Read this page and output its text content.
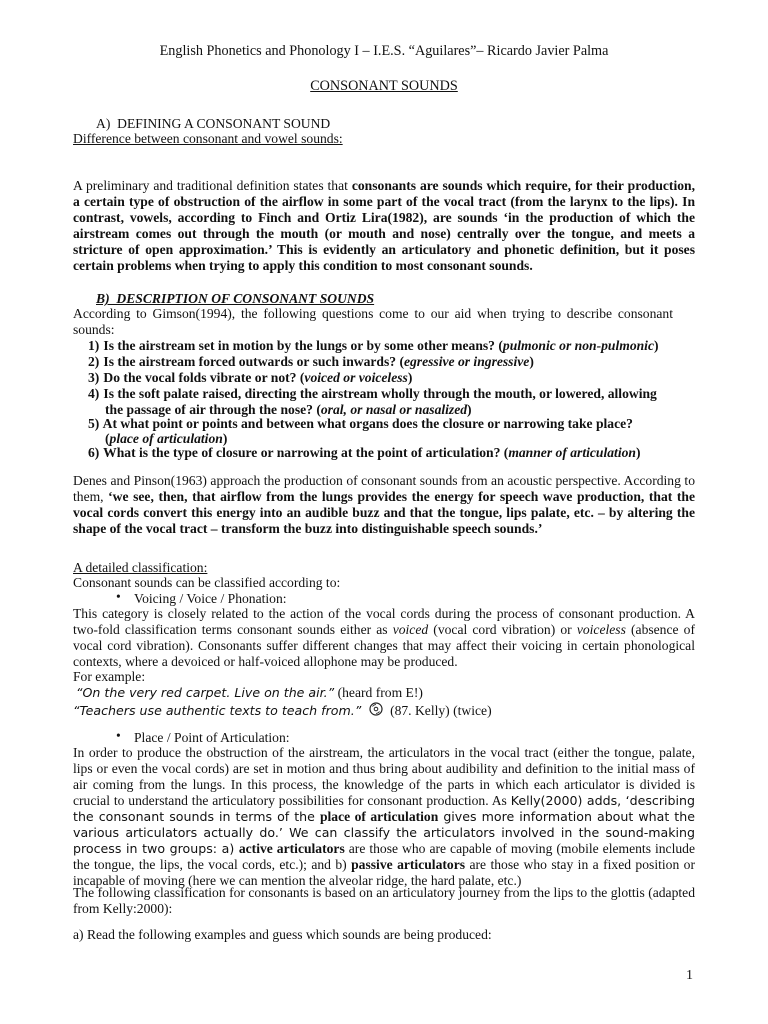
English Phonetics and Phonology I – I.E.S. “Aguilares”– Ricardo Javier Palma
CONSONANT SOUNDS
A)  DEFINING A CONSONANT SOUND
Difference between consonant and vowel sounds:
A preliminary and traditional definition states that consonants are sounds which require, for their production, a certain type of obstruction of the airflow in some part of the vocal tract (from the larynx to the lips). In contrast, vowels, according to Finch and Ortiz Lira(1982), are sounds ‘in the production of which the airstream comes out through the mouth (or mouth and nose) centrally over the tongue, and meets a stricture of open approximation.’ This is evidently an articulatory and phonetic definition, but it poses certain problems when trying to apply this condition to most consonant sounds.
B)  DESCRIPTION OF CONSONANT SOUNDS
According to Gimson(1994), the following questions come to our aid when trying to describe consonant sounds:
1) Is the airstream set in motion by the lungs or by some other means? (pulmonic or non-pulmonic)
2) Is the airstream forced outwards or such inwards? (egressive or ingressive)
3) Do the vocal folds vibrate or not? (voiced or voiceless)
4) Is the soft palate raised, directing the airstream wholly through the mouth, or lowered, allowing
the passage of air through the nose? (oral, or nasal or nasalized)
5) At what point or points and between what organs does the closure or narrowing take place?
(place of articulation)
6) What is the type of closure or narrowing at the point of articulation? (manner of articulation)
Denes and Pinson(1963) approach the production of consonant sounds from an acoustic perspective. According to them, ‘we see, then, that airflow from the lungs provides the energy for speech wave production, that the vocal cords convert this energy into an audible buzz and that the tongue, lips palate, etc. – by altering the shape of the vocal tract – transform the buzz into distinguishable speech sounds.’
A detailed classification:
Consonant sounds can be classified according to:
• Voicing / Voice / Phonation:
This category is closely related to the action of the vocal cords during the process of consonant production. A two-fold classification terms consonant sounds either as voiced (vocal cord vibration) or voiceless (absence of vocal cord vibration). Consonants suffer different changes that may affect their voicing in certain phonological contexts, where a devoiced or half-voiced allophone may be produced.
For example:
“On the very red carpet. Live on the air.” (heard from E!)
“Teachers use authentic texts to teach from.” (87. Kelly) (twice)
• Place / Point of Articulation:
In order to produce the obstruction of the airstream, the articulators in the vocal tract (either the tongue, palate, lips or even the vocal cords) are set in motion and thus bring about audibility and definition to the initial mass of air coming from the lungs. In this process, the knowledge of the parts in which each articulator is divided is crucial to understand the articulatory possibilities for consonant production. As Kelly(2000) adds, ‘describing the consonant sounds in terms of the place of articulation gives more information about what the various articulators actually do.’ We can classify the articulators involved in the sound-making process in two groups: a) active articulators are those who are capable of moving (mobile elements include the tongue, the lips, the vocal cords, etc.); and b) passive articulators are those who stay in a fixed position or incapable of moving (here we can mention the alveolar ridge, the hard palate, etc.)
The following classification for consonants is based on an articulatory journey from the lips to the glottis (adapted from Kelly:2000):
a) Read the following examples and guess which sounds are being produced:
1
